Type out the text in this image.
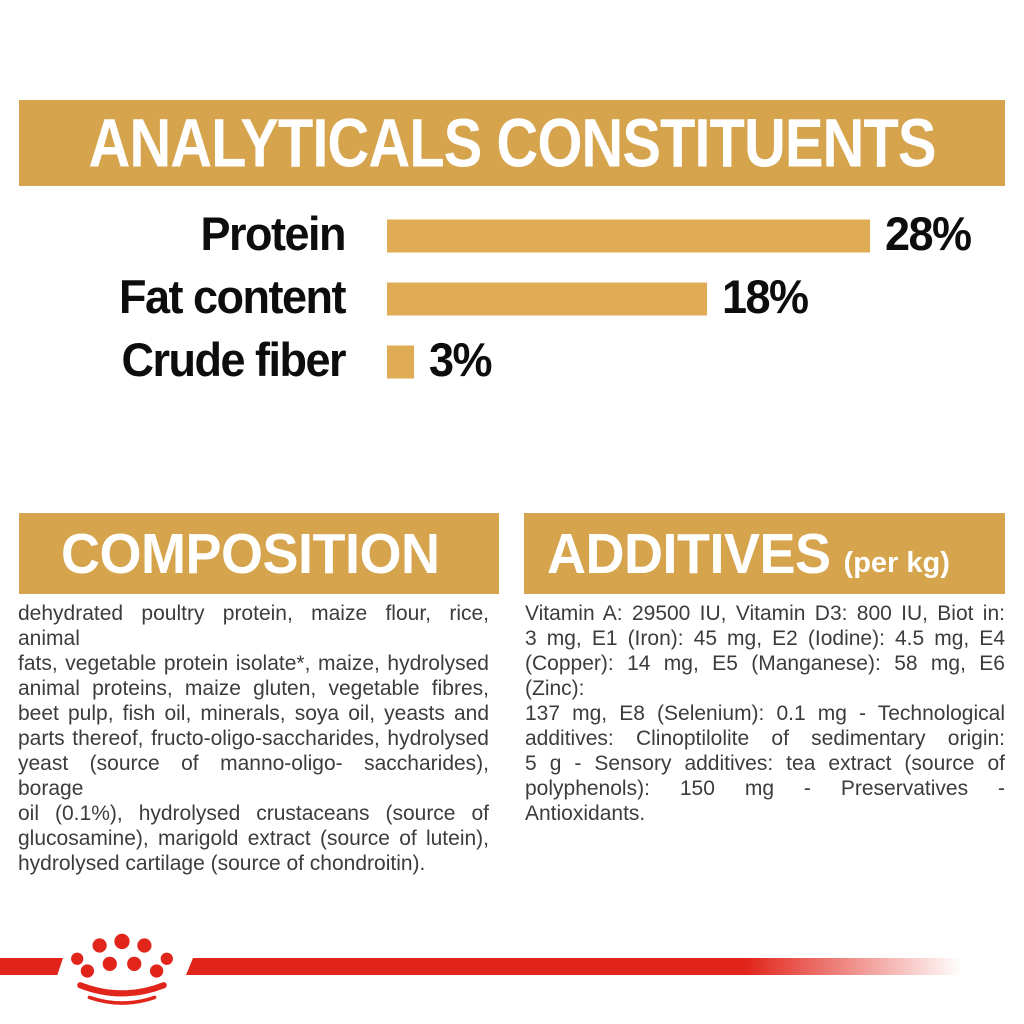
ANALYTICALS CONSTITUENTS
Protein	28%
Fat content	18%
Crude fiber 3%
COMPOSITION
dehydrated poultry protein, maize flour, rice, animal
fats, vegetable protein isolate*, maize, hydrolysed
animal proteins, maize gluten, vegetable fibres,
beet pulp, fish oil, minerals, soya oil, yeasts and
parts thereof, fructo-oligo-saccharides, hydrolysed
yeast (source of manno-oligo- saccharides), borage
oil (0.1%), hydrolysed crustaceans (source of
glucosamine), marigold extract (source of lutein),
hydrolysed cartilage (source of chondroitin).
ADDITIVES (per kg)
Vitamin A: 29500 IU, Vitamin D3: 800 IU, Biot in:
3 mg, E1 (Iron): 45 mg, E2 (Iodine): 4.5 mg, E4
(Copper): 14 mg, E5 (Manganese): 58 mg, E6 (Zinc):
137 mg, E8 (Selenium): 0.1 mg - Technological
additives: Clinoptilolite of sedimentary origin:
5 g - Sensory additives: tea extract (source of
polyphenols): 150 mg - Preservatives - Antioxidants.
